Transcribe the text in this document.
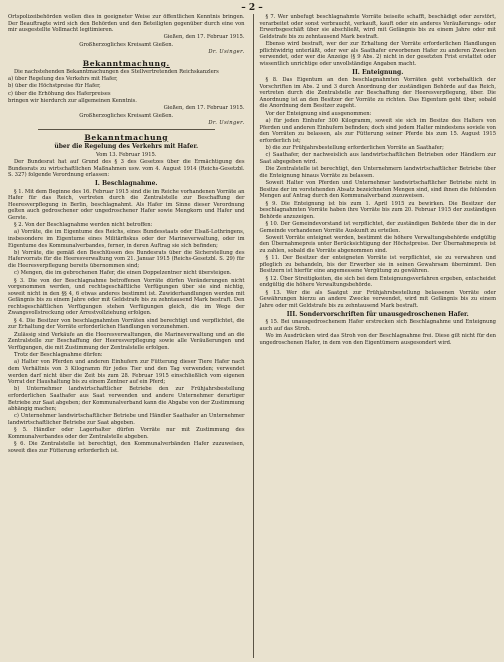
– 2 –

Ortspolizeibehörden wollen dies in geeigneter Weise zur öffentlichen Kenntnis bringen. Der Beauftragte wird sich den Behörden und den Beteiligten gegenüber durch eine von mir ausgestellte Vollmacht legitimieren.

Gießen, den 17. Februar 1915.

Großherzogliches Kreisamt Gießen.

Dr. Usinger.

Bekanntmachung.

Die nachstehenden Bekanntmachungen des Stellvertretenden Reichskanzlers

a) über Regelung des Verkehrs mit Hafer,

b) über die Höchstpreise für Hafer,

c) über die Erhöhung des Haferpreises

bringen wir hierdurch zur allgemeinen Kenntnis.

Gießen, den 17. Februar 1915.

Großherzogliches Kreisamt Gießen.

Dr. Usinger.

Bekanntmachung
über die Regelung des Verkehrs mit Hafer.

Vom 13. Februar 1915.

Der Bundesrat hat auf Grund des § 3 des Gesetzes über die Ermächtigung des Bundesrats zu wirtschaftlichen Maßnahmen usw. vom 4. August 1914 (Reichs-Gesetzbl. S. 327) folgende Verordnung erlassen:

I. Beschlagnahme.

§ 1. Mit dem Beginne des 16. Februar 1915 sind die im Reiche vorhandenen Vorräte an Hafer für das Reich, vertreten durch die Zentralstelle zur Beschaffung der Heeresverpflegung in Berlin, beschlagnahmt. Als Hafer im Sinne dieser Verordnung gelten auch gedroschener oder ungedroschener Hafer sowie Mengkorn und Hafer und Gerste.

§ 2. Von der Beschlagnahme werden nicht betroffen:

a) Vorräte, die im Eigentume des Reichs, eines Bundesstaats oder Elsaß-Lothringens, insbesondere im Eigentume eines Militärfiskus oder der Marineverwaltung, oder im Eigentume des Kommunalverbandes, ferner, in deren Auftrag sie sich befinden;

b) Vorräte, die gemäß den Beschlüssen des Bundesrats über die Sicherstellung des Hafervorrats für die Heeresverwaltung vom 21. Januar 1915 (Reichs-Gesetzbl. S. 29) für die Heeresverpflegung bereits übernommen sind;

c) Mengen, die im gebrochenen Hafer, die einen Doppelzentner nicht übersteigen.

§ 3. Die von der Beschlagnahme betroffenen Vorräte dürfen Veränderungen nicht vorgenommen werden, und rechtsgeschäftliche Verfügungen über sie sind nichtig, soweit nicht in den §§ 4, 6 etwas anderes bestimmt ist. Zuwiderhandlungen werden mit Gefängnis bis zu einem Jahre oder mit Geldstrafe bis zu zehntausend Mark bestraft. Den rechtsgeschäftlichen Verfügungen stehen Verfügungen gleich, die im Wege der Zwangsvollstreckung oder Arrestvollziehung erfolgen.

§ 4. Die Besitzer von beschlagnahmten Vorräten sind berechtigt und verpflichtet, die zur Erhaltung der Vorräte erforderlichen Handlungen vorzunehmen.

Zulässig sind Verkäufe an die Heeresverwaltungen, die Marineverwaltung und an die Zentralstelle zur Beschaffung der Heeresverpflegung sowie alle Veräußerungen und Verfügungen, die mit Zustimmung der Zentralstelle erfolgen.

Trotz der Beschlagnahme dürfen:

a) Halter von Pferden und anderen Einhufern zur Fütterung dieser Tiere Hafer nach dem Verhältnis von 3 Kilogramm für jedes Tier und den Tag verwenden; verwendet werden darf nicht über die Zeit bis zum 28. Februar 1915 einschließlich vom eigenen Vorrat der Haushaltung bis zu einem Zentner auf ein Pferd;

b) Unternehmer landwirtschaftlicher Betriebe den zur Frühjahrsbestellung erforderlichen Saathafer aus Saat verwenden und andere Unternehmer derartiger Betriebe zur Saat abgeben; der Kommunalverband kann die Abgabe von der Zustimmung abhängig machen;

c) Unternehmer landwirtschaftlicher Betriebe und Händler Saathafer an Unternehmer landwirtschaftlicher Betriebe zur Saat abgeben.

§ 5. Händler oder Lagerhalter dürfen Vorräte nur mit Zustimmung des Kommunalverbandes oder der Zentralstelle abgeben.

§ 6. Die Zentralstelle ist berechtigt, den Kommunalverbänden Hafer zuzuweisen, soweit dies zur Fütterung erforderlich ist.

§ 7. Wer unbefugt beschlagnahmte Vorräte beiseite schafft, beschädigt oder zerstört, verarbeitet oder sonst verbraucht, verkauft, kauft oder ein anderes Veräußerungs- oder Erwerbsgeschäft über sie abschließt, wird mit Gefängnis bis zu einem Jahre oder mit Geldstrafe bis zu zehntausend Mark bestraft.

Ebenso wird bestraft, wer der zur Erhaltung der Vorräte erforderlichen Handlungen pflichtwidrig unterläßt, oder wer als Saathafer erworbenen Hafer zu anderen Zwecken verwendet, oder wer die Anzeige (§ 9 Abs. 2) nicht in der gesetzten Frist erstattet oder wissentlich unrichtige oder unvollständige Angaben macht.

II. Enteignung.

§ 8. Das Eigentum an den beschlagnahmten Vorräten geht vorbehaltlich der Vorschriften im Abs. 2 und 3 durch Anordnung der zuständigen Behörde auf das Reich, vertreten durch die Zentralstelle zur Beschaffung der Heeresverpflegung, über. Die Anordnung ist an den Besitzer der Vorräte zu richten. Das Eigentum geht über, sobald die Anordnung dem Besitzer zugeht.

Vor der Enteignung sind ausgenommen:

a) für jeden Einhufer 300 Kilogramm, soweit sie sich im Besitze des Halters von Pferden und anderen Einhufern befinden; doch sind jedem Halter mindestens soviele von den Vorräten zu belassen, als zur Fütterung seiner Pferde bis zum 15. August 1915 erforderlich ist;

b) die zur Frühjahrsbestellung erforderlichen Vorräte an Saathafer;

c) Saathafer, der nachweislich aus landwirtschaftlichen Betrieben oder Händlern zur Saat abgegeben wird.

Die Zentralstelle ist berechtigt, den Unternehmern landwirtschaftlicher Betriebe über die Enteignung hinaus Vorräte zu belassen.

Soweit Halter von Pferden und Unternehmer landwirtschaftlicher Betriebe nicht in Besitze der im vorstehenden Absatz bezeichneten Mengen sind, sind ihnen die fehlenden Mengen auf Antrag durch den Kommunalverband zuzuweisen.

§ 9. Die Enteignung ist bis zum 1. April 1915 zu bewirken. Die Besitzer der beschlagnahmten Vorräte haben ihre Vorräte bis zum 20. Februar 1915 der zuständigen Behörde anzuzeigen.

§ 10. Der Gemeindevorstand ist verpflichtet, der zuständigen Behörde über die in der Gemeinde vorhandenen Vorräte Auskunft zu erteilen.

Soweit Vorräte enteignet werden, bestimmt die höhere Verwaltungsbehörde endgültig den Übernahmepreis unter Berücksichtigung der Höchstpreise. Der Übernahmepreis ist zu zahlen, sobald die Vorräte abgenommen sind.

§ 11. Der Besitzer der enteigneten Vorräte ist verpflichtet, sie zu verwahren und pfleglich zu behandeln, bis der Erwerber sie in seinen Gewahrsam übernimmt. Den Besitzern ist hierfür eine angemessene Vergütung zu gewähren.

§ 12. Über Streitigkeiten, die sich bei dem Enteignungsverfahren ergeben, entscheidet endgültig die höhere Verwaltungsbehörde.

§ 13. Wer die als Saatgut zur Frühjahrsbestellung belassenen Vorräte oder Gewährungen hierzu an andere Zwecke verwendet, wird mit Gefängnis bis zu einem Jahre oder mit Geldstrafe bis zu zehntausend Mark bestraft.

III. Sondervorschriften für unausgedroschenen Hafer.

§ 15. Bei unausgedroschenem Hafer erstrecken sich Beschlagnahme und Enteignung auch auf das Stroh.

Wo im Ausdrücken wird das Stroh von der Beschlagnahme frei. Diese gilt nicht für den ungedroschenen Hafer, in dem von den Eigentümern ausgesondert wird.
